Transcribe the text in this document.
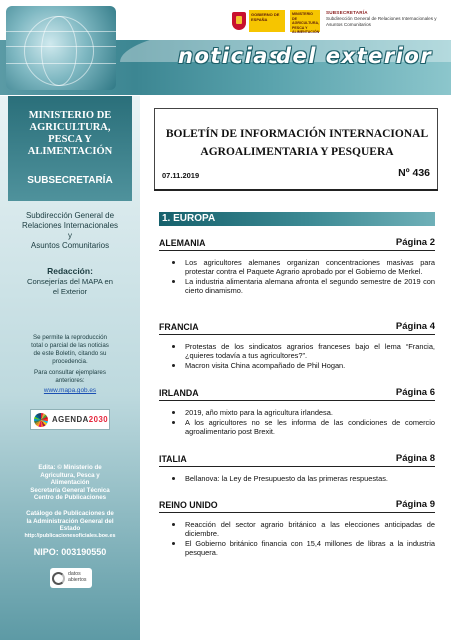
GOBIERNO DE ESPAÑA
MINISTERIO DE AGRICULTURA, PESCA Y ALIMENTACIÓN
SUBSECRETARÍA
Subdirección General de Relaciones Internacionales y Asuntos Comunitarios
noticias
del exterior
MINISTERIO DE
AGRICULTURA,
PESCA Y
ALIMENTACIÓN
SUBSECRETARÍA
Subdirección General de
Relaciones Internacionales
y
Asuntos Comunitarios
Redacción:
Consejerías del MAPA en
el Exterior
Se permite la reproducción
total o parcial de las noticias
de este Boletín, citando su
procedencia.
Para consultar ejemplares
anteriores:
www.mapa.gob.es
AGENDA2030
Edita: © Ministerio de
Agricultura, Pesca y
Alimentación
Secretaría General Técnica
Centro de Publicaciones
Catálogo de Publicaciones de
la Administración General del
Estado
http://publicacionesoficiales.boe.es
NIPO: 003190550
datos
abiertos
BOLETÍN DE INFORMACIÓN INTERNACIONAL
AGROALIMENTARIA Y PESQUERA
07.11.2019	Nº 436
1. EUROPA
ALEMANIA	Página 2
Los agricultores alemanes organizan concentraciones masivas para protestar contra el Paquete Agrario aprobado por el Gobierno de Merkel.
La industria alimentaria alemana afronta el segundo semestre de 2019 con cierto dinamismo.
FRANCIA	Página 4
Protestas de los sindicatos agrarios franceses bajo el lema “Francia, ¿quieres todavía a tus agricultores?”.
Macron visita China acompañado de Phil Hogan.
IRLANDA	Página 6
2019, año mixto para la agricultura irlandesa.
A los agricultores no se les informa de las condiciones de comercio agroalimentario post Brexit.
ITALIA	Página 8
Bellanova: la Ley de Presupuesto da las primeras respuestas.
REINO UNIDO	Página 9
Reacción del sector agrario británico a las elecciones anticipadas de diciembre.
El Gobierno británico financia con 15,4 millones de libras a la industria pesquera.
